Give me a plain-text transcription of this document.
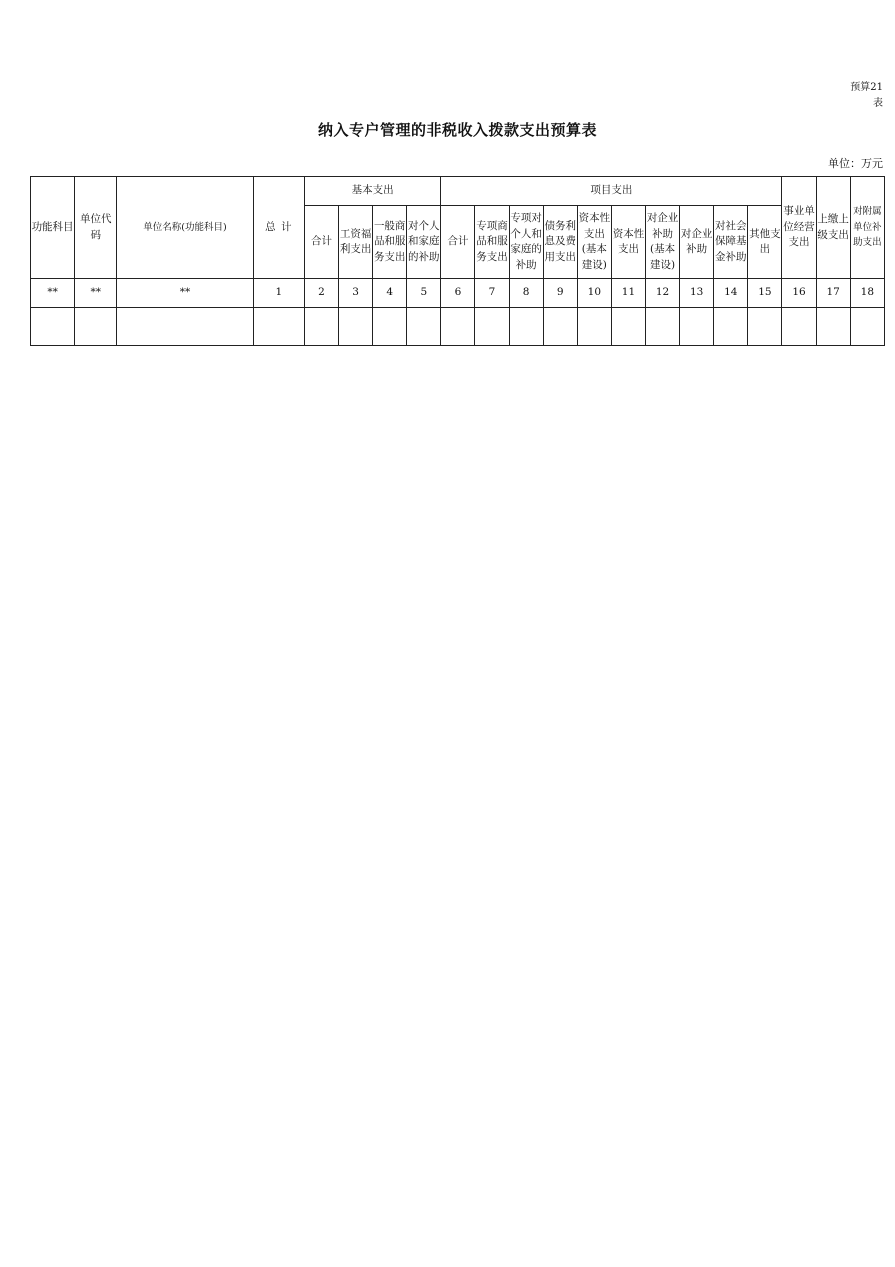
预算21表
纳入专户管理的非税收入拨款支出预算表
单位：万元
功能科目	单位代码	单位名称(功能科目)	总 计	基本支出				项目支出										事业单位经营支出	上缴上级支出	对附属单位补助支出
				合计	工资福利支出	一般商品和服务支出	对个人和家庭的补助	合计	专项商品和服务支出	专项对个人和家庭的补助	债务利息及费用支出	资本性支出(基本建设)	资本性支出	对企业补助(基本建设)	对企业补助	对社会保障基金补助	其他支出			
**	**	**	1	2	3	4	5	6	7	8	9	10	11	12	13	14	15	16	17	18
